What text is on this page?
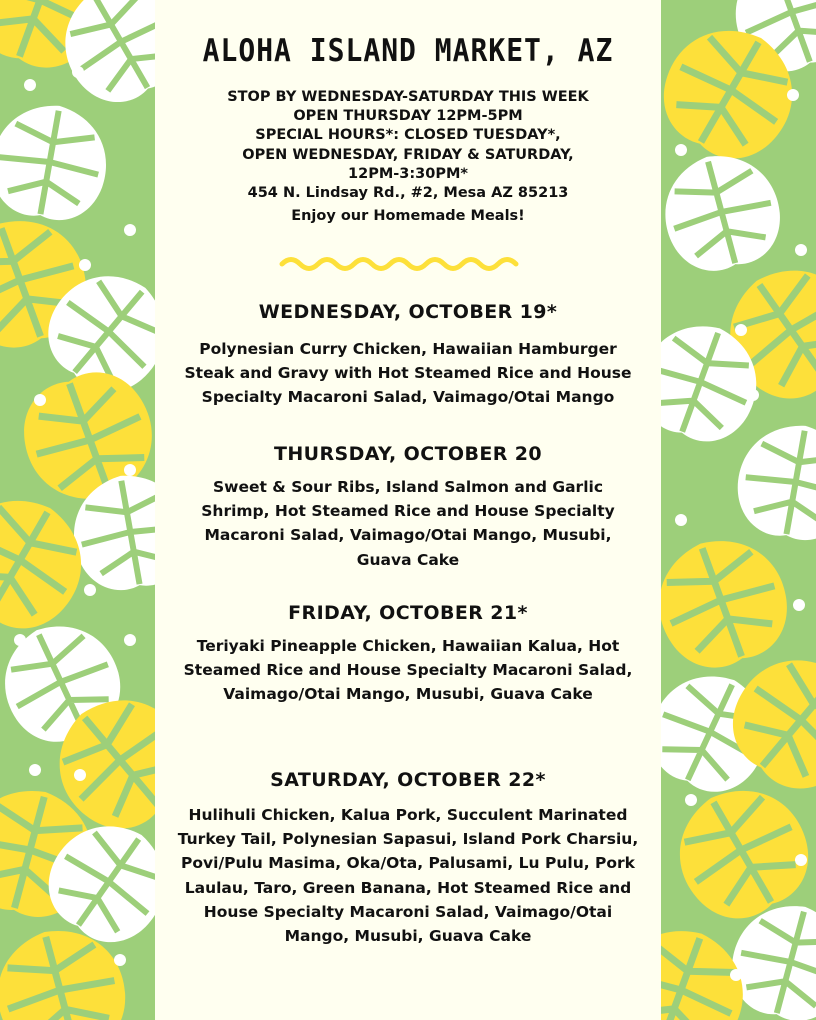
ALOHA ISLAND MARKET, AZ
STOP BY WEDNESDAY-SATURDAY THIS WEEK
OPEN THURSDAY 12PM-5PM
SPECIAL HOURS*: CLOSED TUESDAY*,
OPEN WEDNESDAY, FRIDAY & SATURDAY,
12PM-3:30PM*
454 N. Lindsay Rd., #2, Mesa AZ 85213
Enjoy our Homemade Meals!
WEDNESDAY, OCTOBER 19*

Polynesian Curry Chicken, Hawaiian Hamburger Steak and Gravy with Hot Steamed Rice and House Specialty Macaroni Salad, Vaimago/Otai Mango

THURSDAY, OCTOBER 20

Sweet & Sour Ribs, Island Salmon and Garlic Shrimp, Hot Steamed Rice and House Specialty Macaroni Salad, Vaimago/Otai Mango, Musubi, Guava Cake

FRIDAY, OCTOBER 21*

Teriyaki Pineapple Chicken, Hawaiian Kalua, Hot Steamed Rice and House Specialty Macaroni Salad, Vaimago/Otai Mango, Musubi, Guava Cake

SATURDAY, OCTOBER 22*

Hulihuli Chicken, Kalua Pork, Succulent Marinated Turkey Tail, Polynesian Sapasui, Island Pork Charsiu, Povi/Pulu Masima, Oka/Ota, Palusami, Lu Pulu, Pork Laulau, Taro, Green Banana, Hot Steamed Rice and House Specialty Macaroni Salad, Vaimago/Otai Mango, Musubi, Guava Cake
